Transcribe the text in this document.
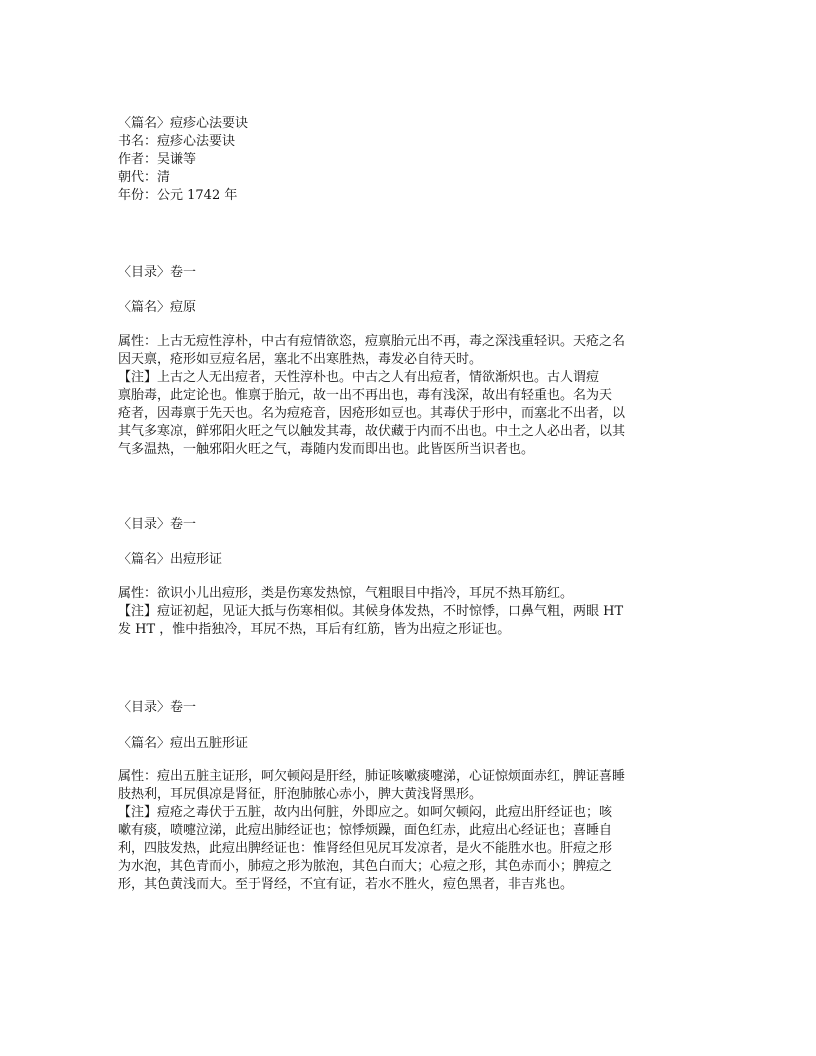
〈篇名〉痘疹心法要诀
书名：痘疹心法要诀
作者：吴谦等
朝代：清
年份：公元 1742 年
〈目录〉卷一
〈篇名〉痘原
属性：上古无痘性淳朴，中古有痘情欲恣，痘禀胎元出不再，毒之深浅重轻识。天疮之名
因天禀，疮形如豆痘名居，塞北不出寒胜热，毒发必自待天时。
【注】上古之人无出痘者，天性淳朴也。中古之人有出痘者，情欲渐炽也。古人谓痘
禀胎毒，此定论也。惟禀于胎元，故一出不再出也，毒有浅深，故出有轻重也。名为天
疮者，因毒禀于先天也。名为痘疮音，因疮形如豆也。其毒伏于形中，而塞北不出者，以
其气多寒凉，鲜邪阳火旺之气以触发其毒，故伏藏于内而不出也。中土之人必出者，以其
气多温热，一触邪阳火旺之气，毒随内发而即出也。此皆医所当识者也。
〈目录〉卷一
〈篇名〉出痘形证
属性：欲识小儿出痘形，类是伤寒发热惊，气粗眼目中指冷，耳尻不热耳筋红。
【注】痘证初起，见证大抵与伤寒相似。其候身体发热，不时惊悸，口鼻气粗，两眼 HT
发 HT ，惟中指独冷，耳尻不热，耳后有红筋，皆为出痘之形证也。
〈目录〉卷一
〈篇名〉痘出五脏形证
属性：痘出五脏主证形，呵欠顿闷是肝经，肺证咳嗽痰嚏涕，心证惊烦面赤红，脾证喜睡
肢热利，耳尻俱凉是肾征，肝泡肺脓心赤小，脾大黄浅肾黑形。
【注】痘疮之毒伏于五脏，故内出何脏，外即应之。如呵欠顿闷，此痘出肝经证也；咳
嗽有痰，喷嚏泣涕，此痘出肺经证也；惊悸烦躁，面色红赤，此痘出心经证也；喜睡自
利，四肢发热，此痘出脾经证也：惟肾经但见尻耳发凉者，是火不能胜水也。肝痘之形
为水泡，其色青而小，肺痘之形为脓泡，其色白而大；心痘之形，其色赤而小；脾痘之
形，其色黄浅而大。至于肾经，不宜有证，若水不胜火，痘色黑者，非吉兆也。
